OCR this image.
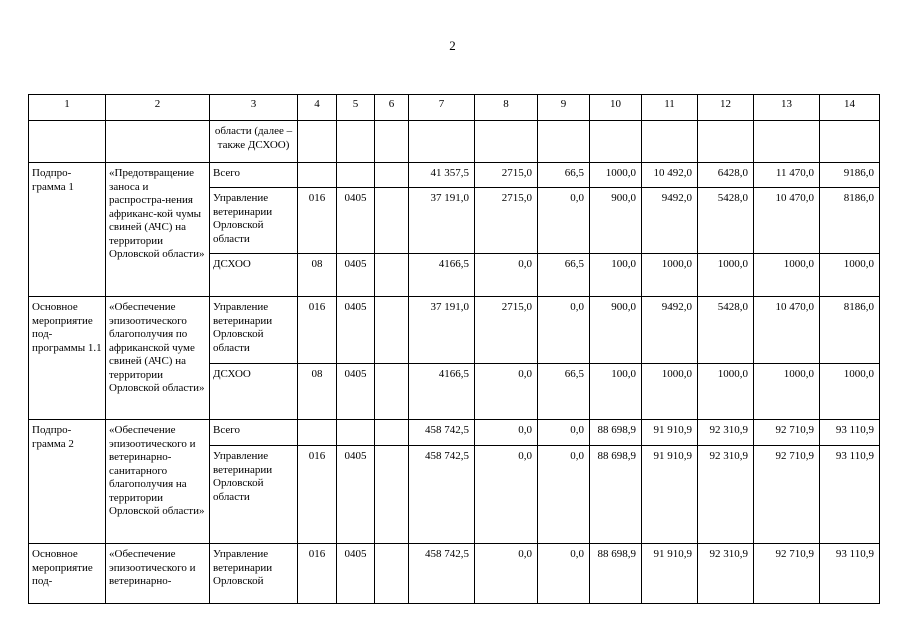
2
1	2	3	4	5	6	7	8	9	10	11	12	13	14
		области (далее – также ДСХОО)											
Подпро-грамма 1	«Предотвращение заноса и распростра-нения африканс-кой чумы свиней (АЧС) на территории Орловской области»	Всего				41 357,5	2715,0	66,5	1000,0	10 492,0	6428,0	11 470,0	9186,0
		Управление ветеринарии Орловской области	016	0405		37 191,0	2715,0	0,0	900,0	9492,0	5428,0	10 470,0	8186,0
		ДСХОО	08	0405		4166,5	0,0	66,5	100,0	1000,0	1000,0	1000,0	1000,0
Основное мероприятие под-программы 1.1	«Обеспечение эпизоотического благополучия по африканской чуме свиней (АЧС) на территории Орловской области»	Управление ветеринарии Орловской области	016	0405		37 191,0	2715,0	0,0	900,0	9492,0	5428,0	10 470,0	8186,0
		ДСХОО	08	0405		4166,5	0,0	66,5	100,0	1000,0	1000,0	1000,0	1000,0
Подпро-грамма 2	«Обеспечение эпизоотического и ветеринарно-санитарного благополучия на территории Орловской области»	Всего				458 742,5	0,0	0,0	88 698,9	91 910,9	92 310,9	92 710,9	93 110,9
		Управление ветеринарии Орловской области	016	0405		458 742,5	0,0	0,0	88 698,9	91 910,9	92 310,9	92 710,9	93 110,9
Основное мероприятие под-	«Обеспечение эпизоотического и ветеринарно-	Управление ветеринарии Орловской	016	0405		458 742,5	0,0	0,0	88 698,9	91 910,9	92 310,9	92 710,9	93 110,9
